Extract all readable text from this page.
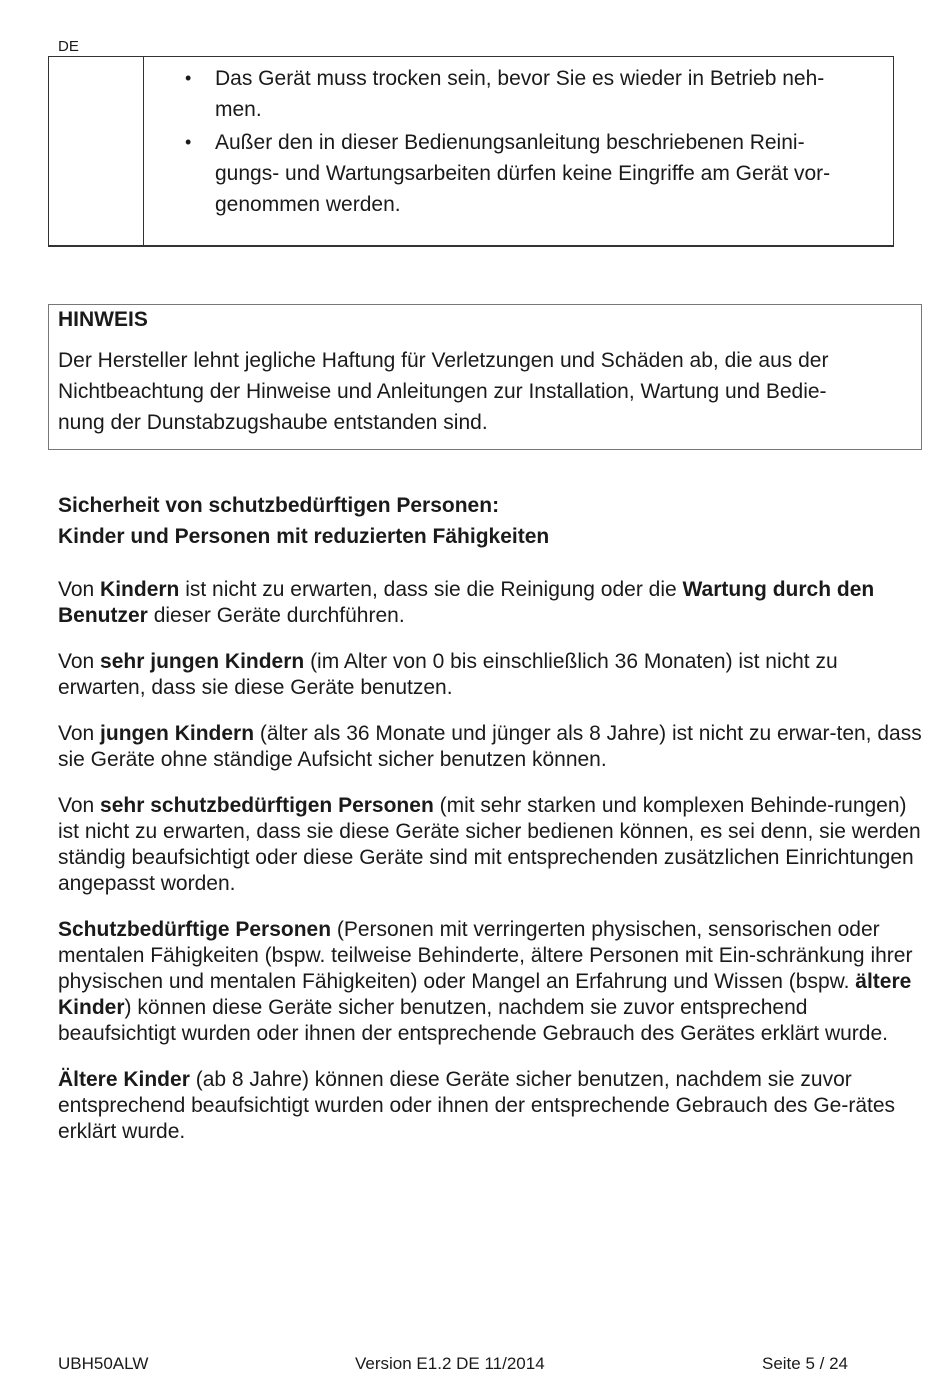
DE
• Das Gerät muss trocken sein, bevor Sie es wieder in Betrieb neh-
men.
• Außer den in dieser Bedienungsanleitung beschriebenen Reini-
gungs- und Wartungsarbeiten dürfen keine Eingriffe am Gerät vor-
genommen werden.
HINWEIS
Der Hersteller lehnt jegliche Haftung für Verletzungen und Schäden ab, die aus der
Nichtbeachtung der Hinweise und Anleitungen zur Installation, Wartung und Bedie-
nung der Dunstabzugshaube entstanden sind.
Sicherheit von schutzbedürftigen Personen:
Kinder und Personen mit reduzierten Fähigkeiten
Von Kindern ist nicht zu erwarten, dass sie die Reinigung oder die Wartung durch den Benutzer dieser Geräte durchführen.
Von sehr jungen Kindern (im Alter von 0 bis einschließlich 36 Monaten) ist nicht zu erwarten, dass sie diese Geräte benutzen.
Von jungen Kindern (älter als 36 Monate und jünger als 8 Jahre) ist nicht zu erwar-ten, dass sie Geräte ohne ständige Aufsicht sicher benutzen können.
Von sehr schutzbedürftigen Personen (mit sehr starken und komplexen Behinde-rungen) ist nicht zu erwarten, dass sie diese Geräte sicher bedienen können, es sei denn, sie werden ständig beaufsichtigt oder diese Geräte sind mit entsprechenden zusätzlichen Einrichtungen angepasst worden.
Schutzbedürftige Personen (Personen mit verringerten physischen, sensorischen oder mentalen Fähigkeiten (bspw. teilweise Behinderte, ältere Personen mit Ein-schränkung ihrer physischen und mentalen Fähigkeiten) oder Mangel an Erfahrung und Wissen (bspw. ältere Kinder) können diese Geräte sicher benutzen, nachdem sie zuvor entsprechend beaufsichtigt wurden oder ihnen der entsprechende Gebrauch des Gerätes erklärt wurde.
Ältere Kinder (ab 8 Jahre) können diese Geräte sicher benutzen, nachdem sie zuvor entsprechend beaufsichtigt wurden oder ihnen der entsprechende Gebrauch des Ge-rätes erklärt wurde.
UBH50ALW	Version E1.2 DE 11/2014	Seite 5 / 24
